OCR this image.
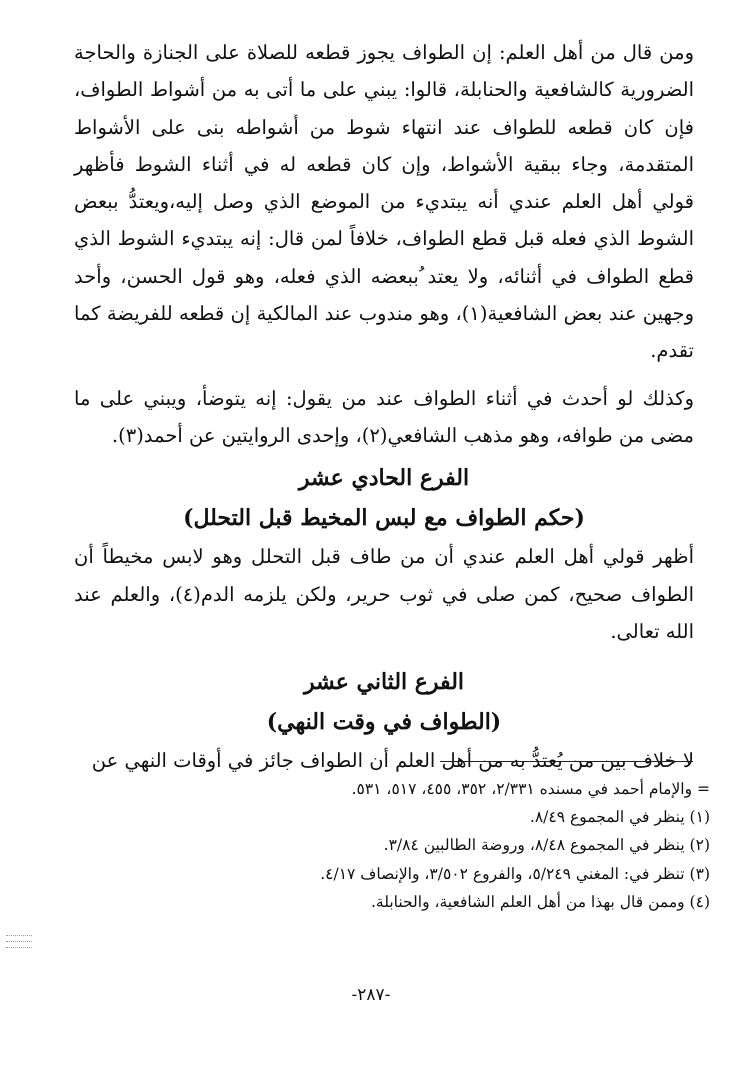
ومن قال من أهل العلم: إن الطواف يجوز قطعه للصلاة على الجنازة والحاجة الضرورية كالشافعية والحنابلة، قالوا: يبني على ما أتى به من أشواط الطواف، فإن كان قطعه للطواف عند انتهاء شوط من أشواطه بنى على الأشواط المتقدمة، وجاء ببقية الأشواط، وإن كان قطعه له في أثناء الشوط فأظهر قولي أهل العلم عندي أنه يبتديء من الموضع الذي وصل إليه،ويعتدُّ ببعض الشوط الذي فعله قبل قطع الطواف، خلافاً لمن قال: إنه يبتديء الشوط الذي قطع الطواف في أثنائه، ولا يعتد ُببعضه الذي فعله، وهو قول الحسن، وأحد وجهين عند بعض الشافعية(١)، وهو مندوب عند المالكية إن قطعه للفريضة كما تقدم.

وكذلك لو أحدث في أثناء الطواف عند من يقول: إنه يتوضأ، ويبني على ما مضى من طوافه، وهو مذهب الشافعي(٢)، وإحدى الروايتين عن أحمد(٣).

الفرع الحادي عشر
(حكم الطواف مع لبس المخيط قبل التحلل)

أظهر قولي أهل العلم عندي أن من طاف قبل التحلل وهو لابس مخيطاً أن الطواف صحيح، كمن صلى في ثوب حرير، ولكن يلزمه الدم(٤)، والعلم عند الله تعالى.

الفرع الثاني عشر
(الطواف في وقت النهي)

لا خلاف بين من يُعتدُّ به من أهل العلم أن الطواف جائز في أوقات النهي عن

= والإمام أحمد في مسنده ٢/٣٣١، ٣٥٢، ٤٥٥، ٥١٧، ٥٣١.

(١) ينظر في المجموع ٨/٤٩.

(٢) ينظر في المجموع ٨/٤٨، وروضة الطالبين ٣/٨٤.

(٣) تنظر في: المغني ٥/٢٤٩، والفروع ٣/٥٠٢، والإنصاف ٤/١٧.

(٤) وممن قال بهذا من أهل العلم الشافعية، والحنابلة.

-٢٨٧-
